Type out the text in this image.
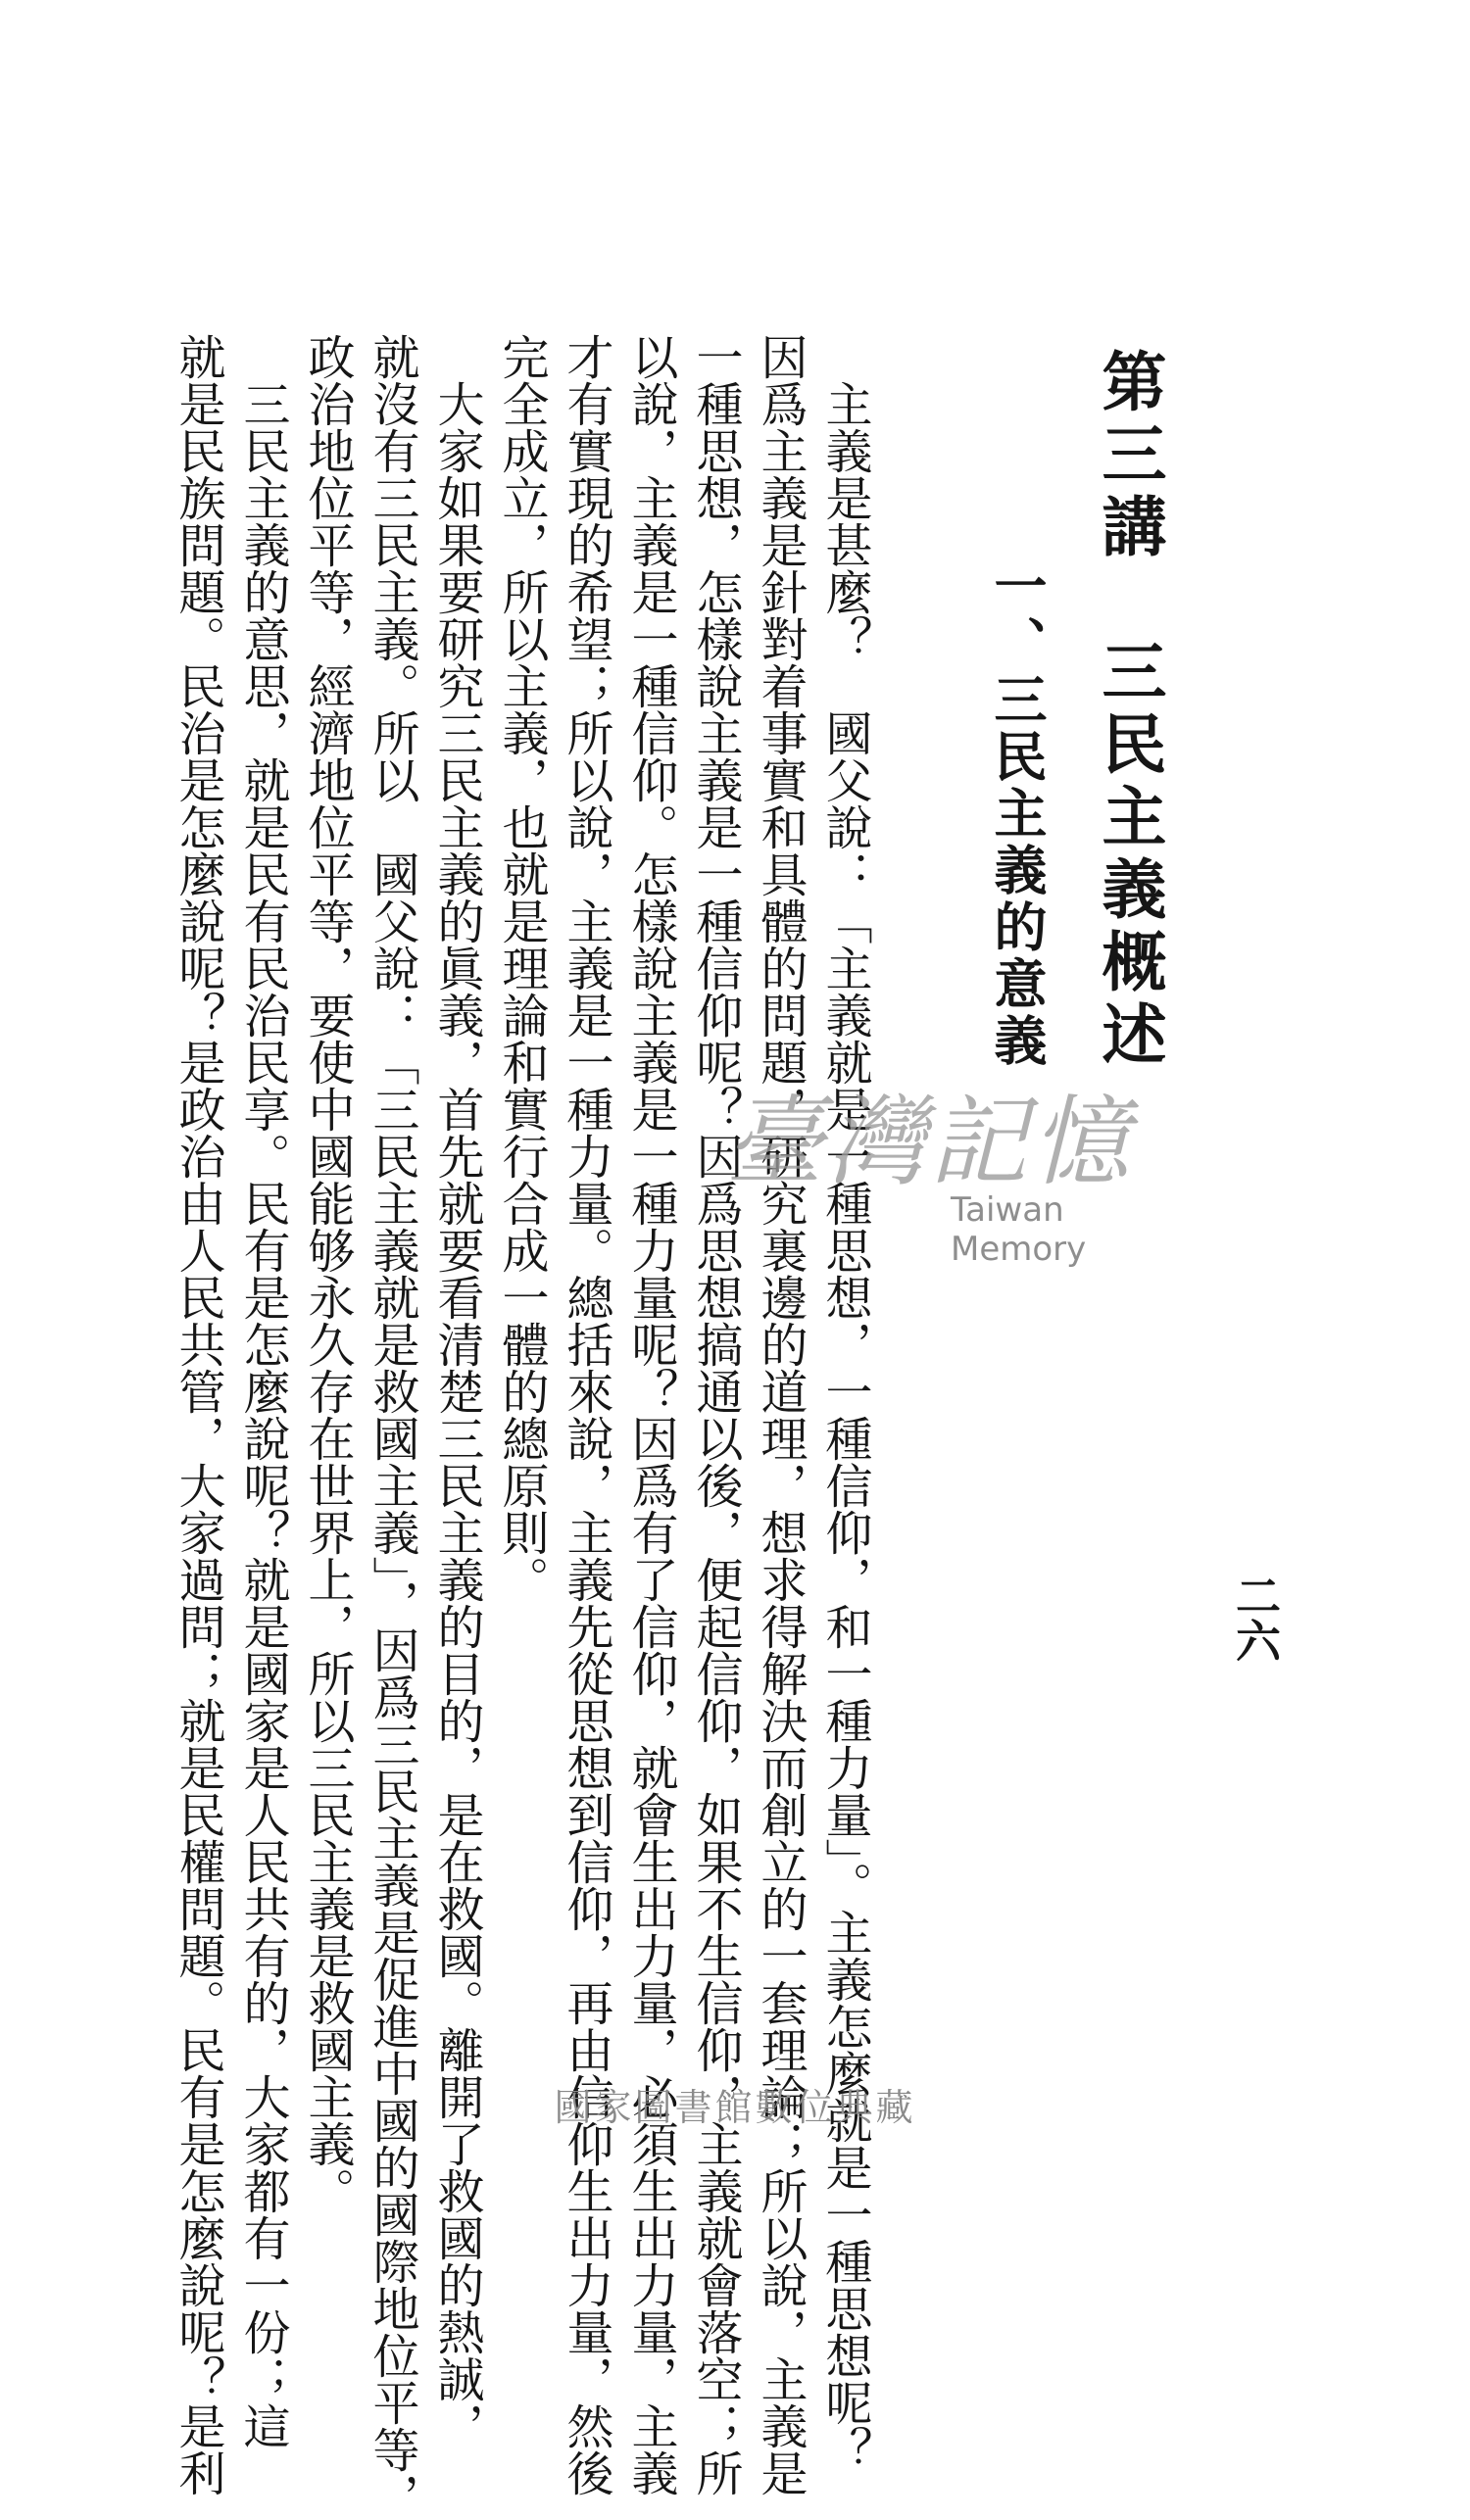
第三講　三民主義概述
一、三民主義的意義
二六
　主義是甚麼？　國父說：「主義就是一種思想，一種信仰，和一種力量」。主義怎麼就是一種思想呢？
因爲主義是針對着事實和具體的問題，研究裏邊的道理，想求得解決而創立的一套理論；所以說，主義是
一種思想，怎樣說主義是一種信仰呢？因爲思想搞通以後，便起信仰，如果不生信仰，主義就會落空；所
以說，主義是一種信仰。怎樣說主義是一種力量呢？因爲有了信仰，就會生出力量，必須生出力量，主義
才有實現的希望；所以說，主義是一種力量。總括來說，主義先從思想到信仰，再由信仰生出力量，然後
完全成立，所以主義，也就是理論和實行合成一體的總原則。
　大家如果要研究三民主義的眞義，首先就要看清楚三民主義的目的，是在救國。離開了救國的熱誠，
就沒有三民主義。所以　國父說：「三民主義就是救國主義」，因爲三民主義是促進中國的國際地位平等，
政治地位平等，經濟地位平等，要使中國能够永久存在世界上，所以三民主義是救國主義。
　三民主義的意思，就是民有民治民享。民有是怎麼說呢？就是國家是人民共有的，大家都有一份；這
就是民族問題。民治是怎麼說呢？是政治由人民共管，大家過問；就是民權問題。民有是怎麼說呢？是利	臺灣記憶
Taiwan Memory
國家圖書館數位典藏
